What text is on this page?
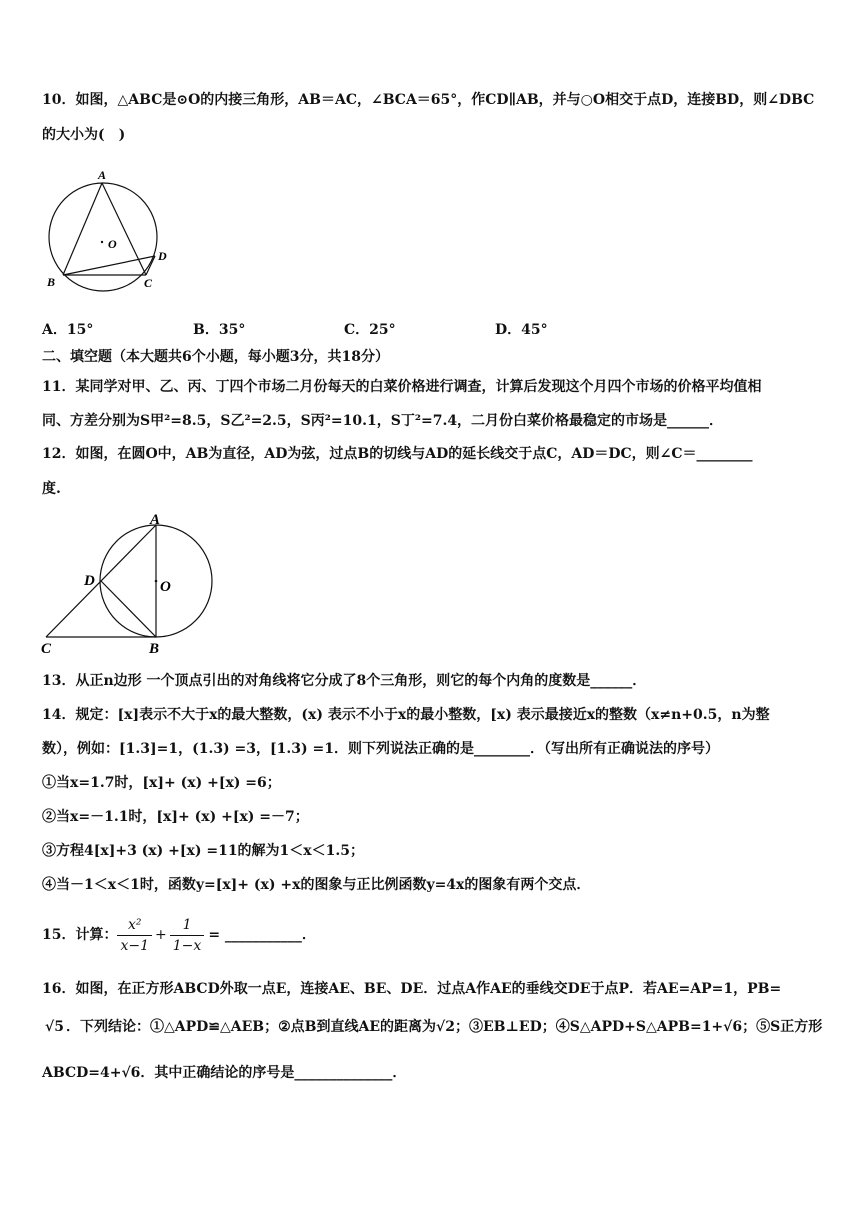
10．如图，△ABC是⊙O的内接三角形，AB＝AC，∠BCA＝65°，作CD∥AB，并与○O相交于点D，连接BD，则∠DBC
的大小为(　)
A
O
D
B	C
A．15°	B．35°	C．25°	D．45°
二、填空题（本大题共6个小题，每小题3分，共18分）
11．某同学对甲、乙、丙、丁四个市场二月份每天的白菜价格进行调查，计算后发现这个月四个市场的价格平均值相
同、方差分别为S甲²=8.5，S乙²=2.5，S丙²=10.1，S丁²=7.4，二月份白菜价格最稳定的市场是______．
12．如图，在圆O中，AB为直径，AD为弦，过点B的切线与AD的延长线交于点C，AD＝DC，则∠C＝________
度.
A
O
D
C	B
13．从正n边形 一个顶点引出的对角线将它分成了8个三角形，则它的每个内角的度数是______．
14．规定：[x]表示不大于x的最大整数，(x) 表示不小于x的最小整数，[x) 表示最接近x的整数（x≠n+0.5，n为整
数），例如：[1.3]=1，(1.3) =3，[1.3) =1．则下列说法正确的是________．（写出所有正确说法的序号）
①当x=1.7时，[x]+ (x) +[x) =6；
②当x=－1.1时，[x]+ (x) +[x) =－7；
③方程4[x]+3 (x) +[x) =11的解为1＜x＜1.5；
④当－1＜x＜1时，函数y=[x]+ (x) +x的图象与正比例函数y=4x的图象有两个交点．
15．计算： $\frac{\text{x²}}{x-1} + \frac{1}{1-x}$ = ___________．
16．如图，在正方形ABCD外取一点E，连接AE、BE、DE．过点A作AE的垂线交DE于点P．若AE=AP=1，PB=
√5 ．下列结论：①△APD≌△AEB；②点B到直线AE的距离为√2；③EB⊥ED；④S△APD+S△APB=1+√6；⑤S正方形
ABCD=4+√6．其中正确结论的序号是______________．
